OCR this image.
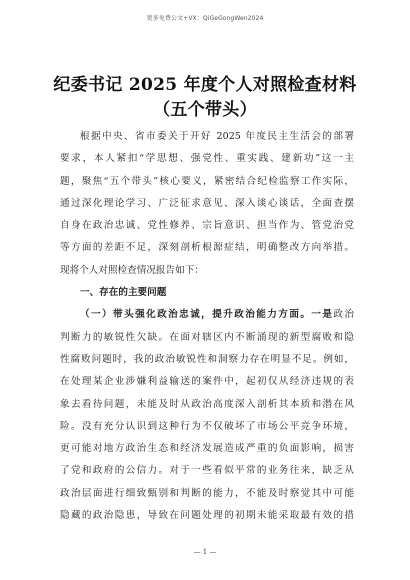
更多免费公文+VX：QiGeGongWen2024
纪委书记 2025 年度个人对照检查材料
（五个带头）
根据中央、省市委关于开好 2025 年度民主生活会的部署
要求，本人紧扣“学思想、强党性、重实践、建新功”这一主
题，聚焦“五个带头”核心要义，紧密结合纪检监察工作实际，
通过深化理论学习、广泛征求意见、深入谈心谈话，全面查摆
自身在政治忠诚、党性修养、宗旨意识、担当作为、管党治党
等方面的差距不足，深刻剖析根源症结，明确整改方向举措。
现将个人对照检查情况报告如下：
一、存在的主要问题
（一）带头强化政治忠诚，提升政治能力方面。一是政治
判断力的敏锐性欠缺。在面对辖区内不断涌现的新型腐败和隐
性腐败问题时，我的政治敏锐性和洞察力存在明显不足。例如，
在处理某企业涉嫌利益输送的案件中，起初仅从经济违规的表
象去看待问题，未能及时从政治高度深入剖析其本质和潜在风
险。没有充分认识到这种行为不仅破坏了市场公平竞争环境，
更可能对地方政治生态和经济发展造成严重的负面影响，损害
了党和政府的公信力。对于一些看似平常的业务往来，缺乏从
政治层面进行细致甄别和判断的能力，不能及时察觉其中可能
隐藏的政治隐患，导致在问题处理的初期未能采取最有效的措
— 1 —
